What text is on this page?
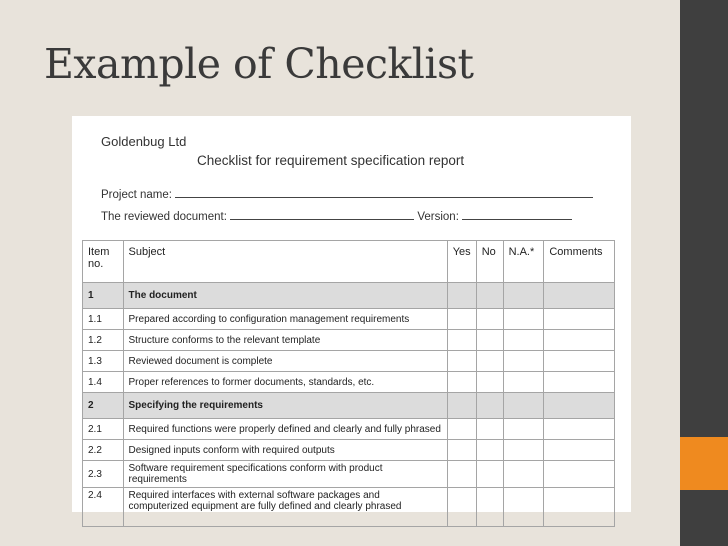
Example of Checklist
Goldenbug Ltd
Checklist for requirement specification report
Project name:
The reviewed document:	Version:
Item no.	Subject	Yes	No	N.A.*	Comments
1	The document				
1.1	Prepared according to configuration management requirements				
1.2	Structure conforms to the relevant template				
1.3	Reviewed document is complete				
1.4	Proper references to former documents, standards, etc.				
2	Specifying the requirements				
2.1	Required functions were properly defined and clearly and fully phrased				
2.2	Designed inputs conform with required outputs				
2.3	Software requirement specifications conform with product requirements				
2.4	Required interfaces with external software packages and computerized equipment are fully defined and clearly phrased				
